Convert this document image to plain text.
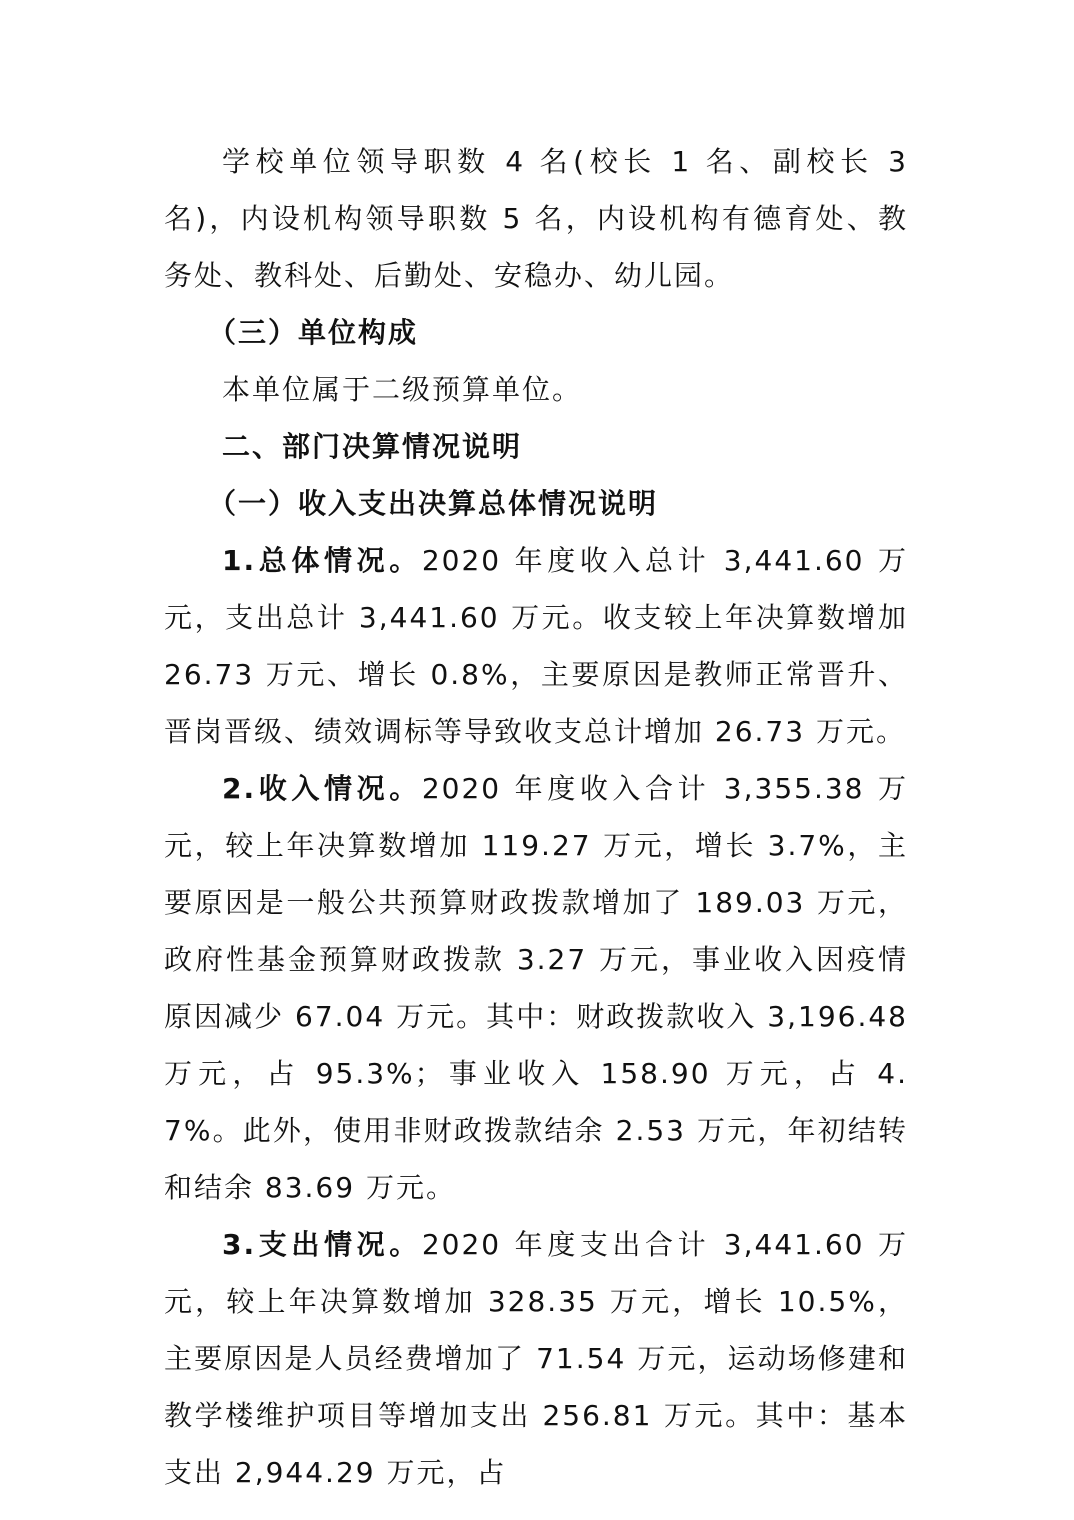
学校单位领导职数 4 名(校长 1 名、副校长 3 名)，内设机构领导职数 5 名，内设机构有德育处、教务处、教科处、后勤处、安稳办、幼儿园。

（三）单位构成

本单位属于二级预算单位。

二、部门决算情况说明

（一）收入支出决算总体情况说明

1.总体情况。2020 年度收入总计 3,441.60 万元，支出总计 3,441.60 万元。收支较上年决算数增加 26.73 万元、增长 0.8%，主要原因是教师正常晋升、晋岗晋级、绩效调标等导致收支总计增加 26.73 万元。

2.收入情况。2020 年度收入合计 3,355.38 万元，较上年决算数增加 119.27 万元，增长 3.7%，主要原因是一般公共预算财政拨款增加了 189.03 万元，政府性基金预算财政拨款 3.27 万元，事业收入因疫情原因减少 67.04 万元。其中：财政拨款收入 3,196.48 万元，占 95.3%；事业收入 158.90 万元，占 4.7%。此外，使用非财政拨款结余 2.53 万元，年初结转和结余 83.69 万元。

3.支出情况。2020 年度支出合计 3,441.60 万元，较上年决算数增加 328.35 万元，增长 10.5%，主要原因是人员经费增加了 71.54 万元，运动场修建和教学楼维护项目等增加支出 256.81 万元。其中：基本支出 2,944.29 万元，占
